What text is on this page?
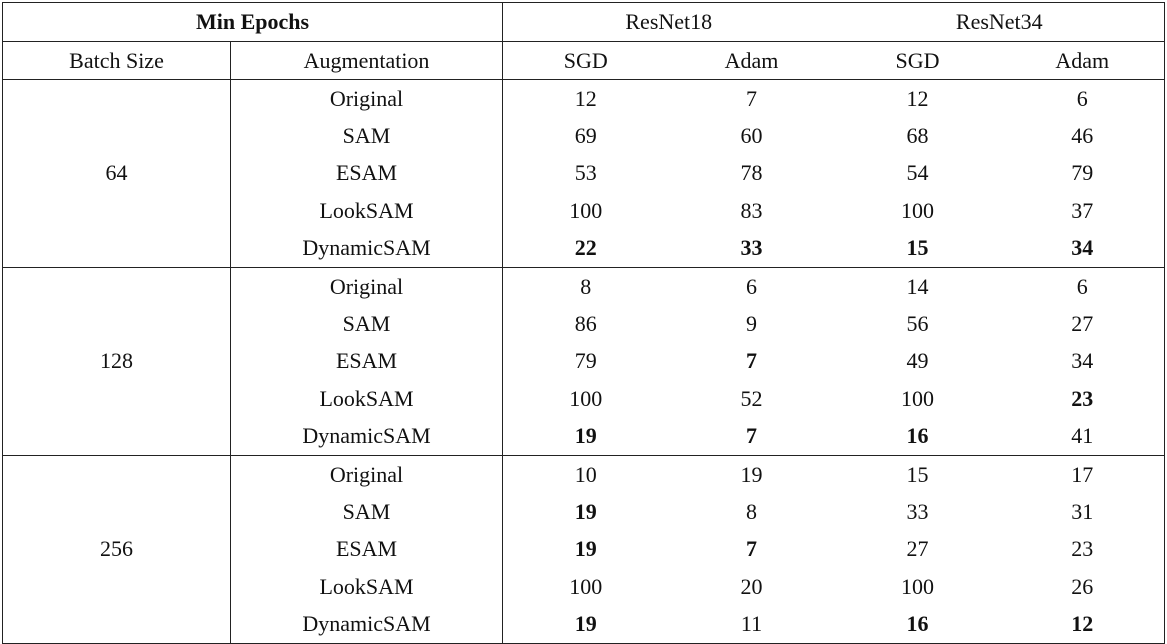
Min Epochs		ResNet18		ResNet34	
Batch Size	Augmentation	SGD	Adam	SGD	Adam
64	Original	12	7	12	6
	SAM	69	60	68	46
	ESAM	53	78	54	79
	LookSAM	100	83	100	37
	DynamicSAM	22	33	15	34
128	Original	8	6	14	6
	SAM	86	9	56	27
	ESAM	79	7	49	34
	LookSAM	100	52	100	23
	DynamicSAM	19	7	16	41
256	Original	10	19	15	17
	SAM	19	8	33	31
	ESAM	19	7	27	23
	LookSAM	100	20	100	26
	DynamicSAM	19	11	16	12
